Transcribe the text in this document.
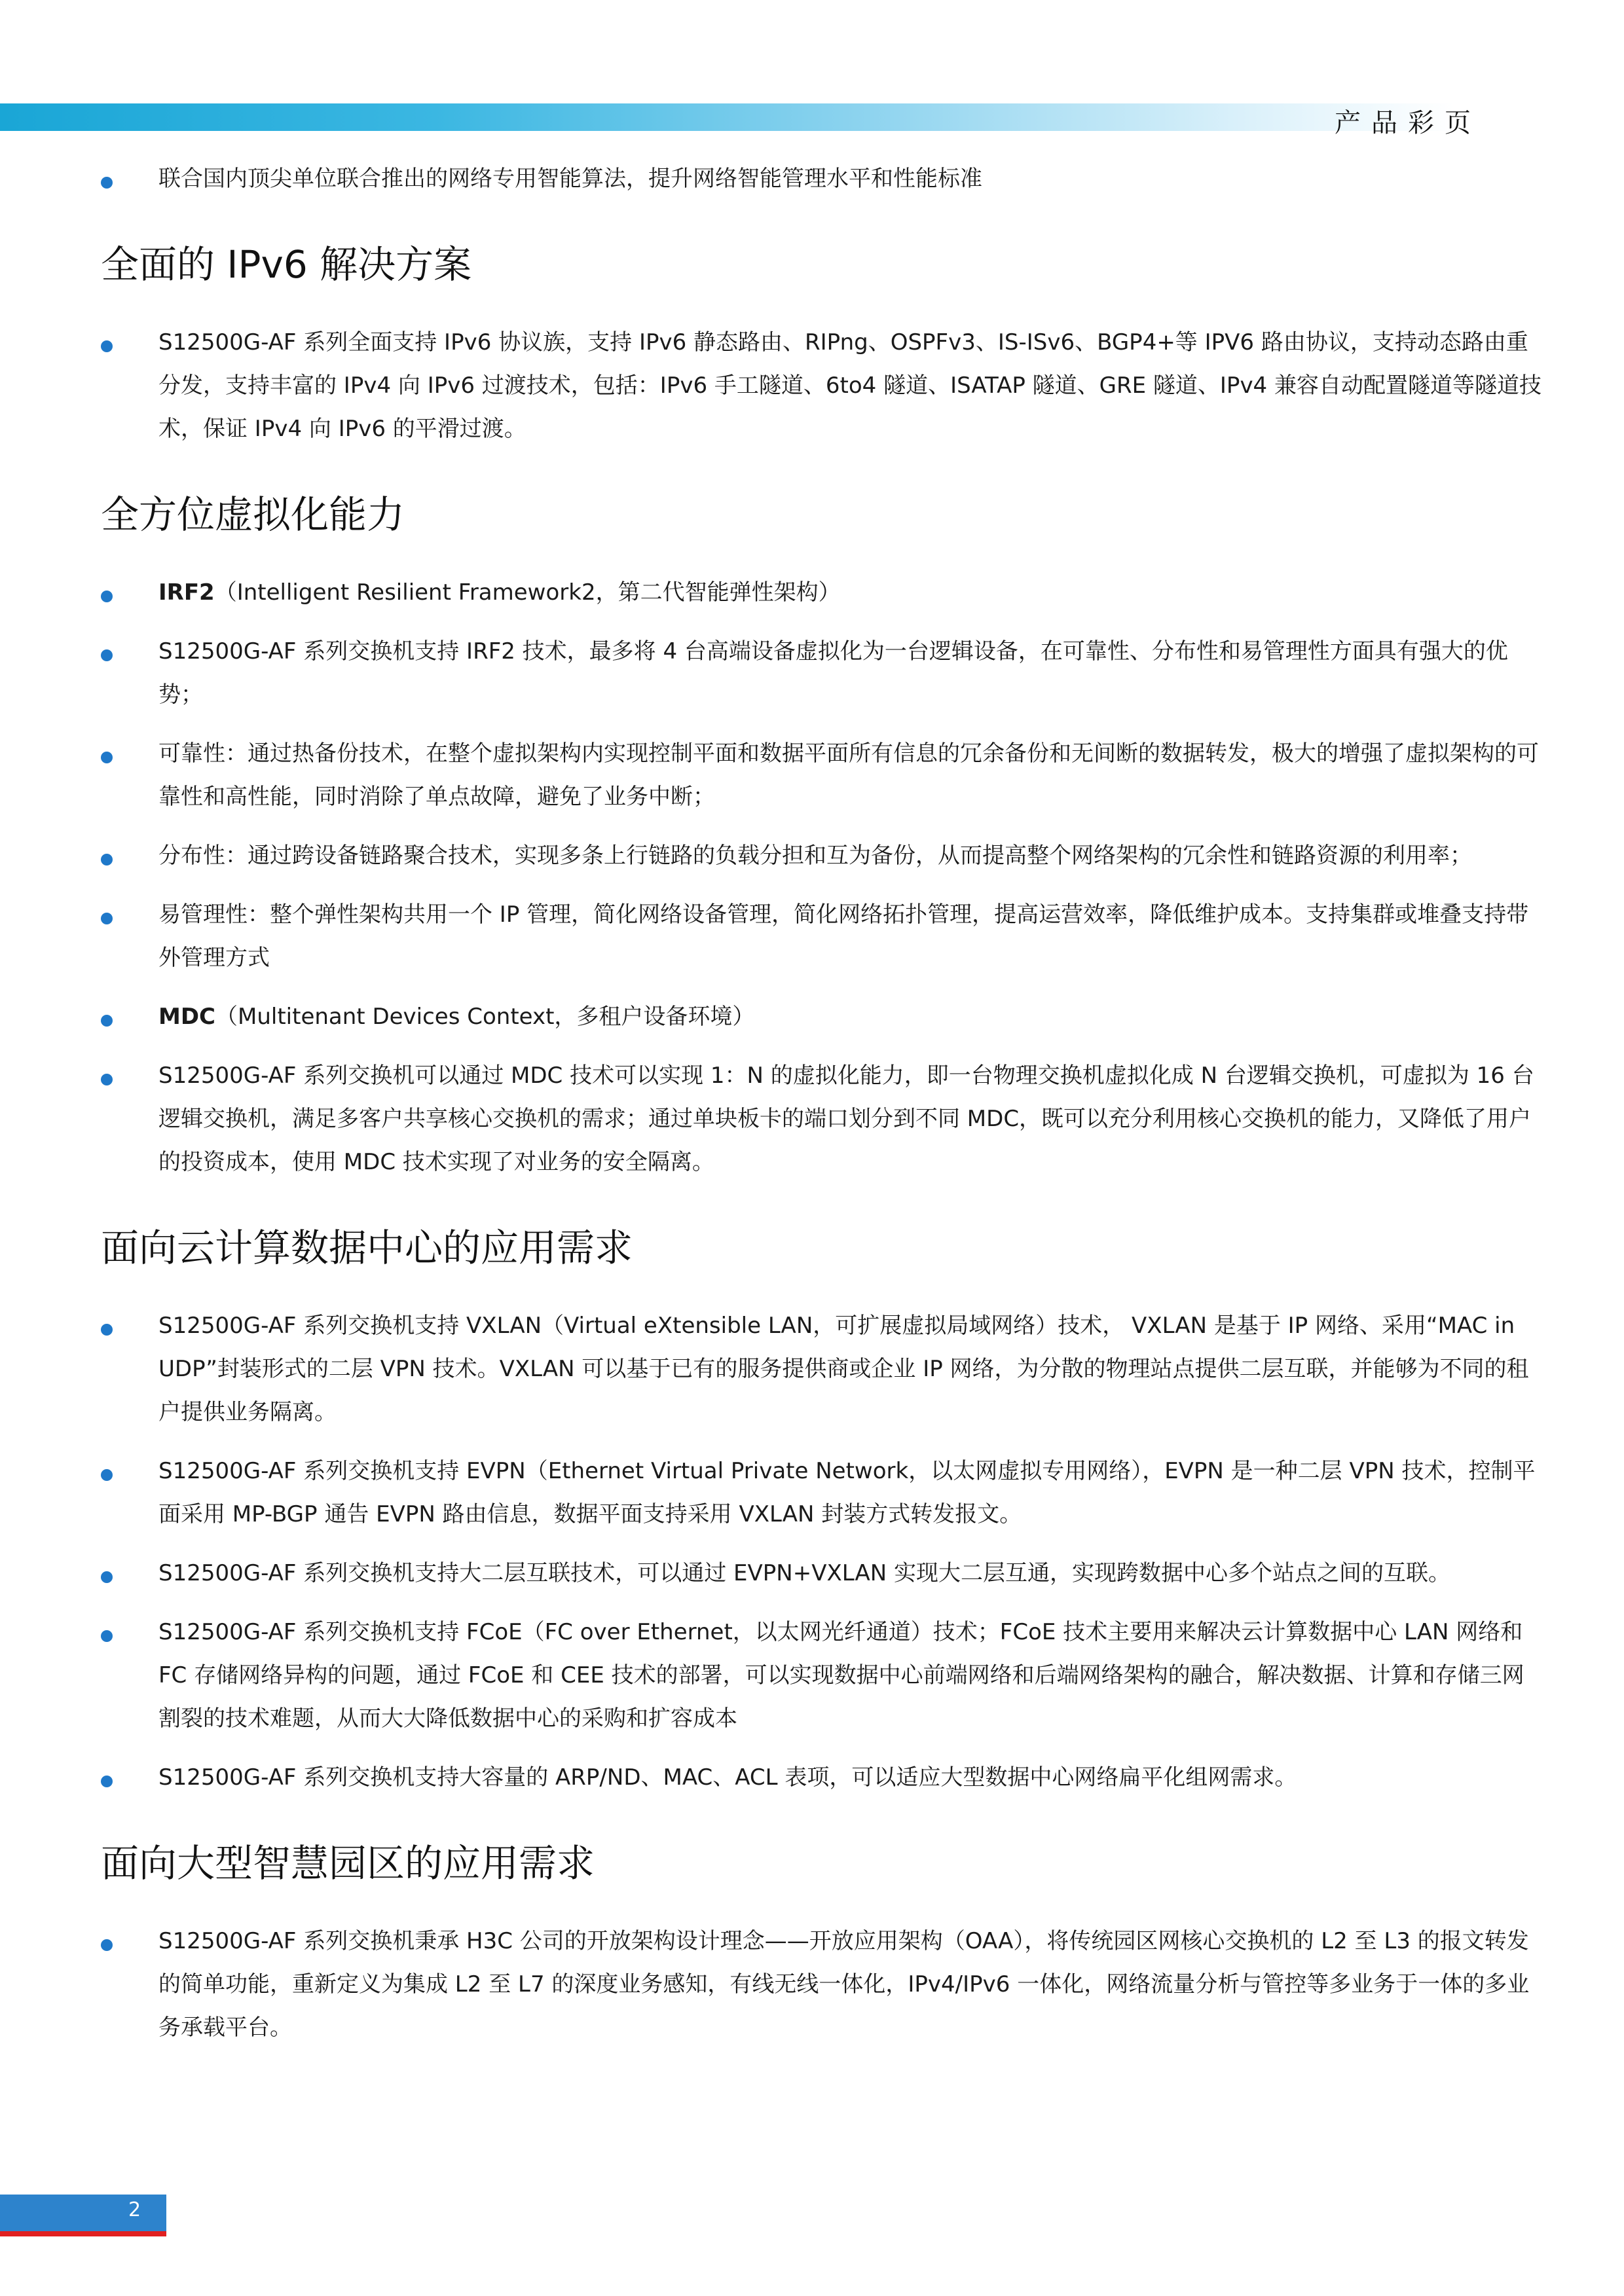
产品彩页
联合国内顶尖单位联合推出的网络专用智能算法，提升网络智能管理水平和性能标准
全面的 IPv6 解决方案
S12500G-AF 系列全面支持 IPv6 协议族，支持 IPv6 静态路由、RIPng、OSPFv3、IS-ISv6、BGP4+等 IPV6 路由协议，支持动态路由重分发，支持丰富的 IPv4 向 IPv6 过渡技术，包括：IPv6 手工隧道、6to4 隧道、ISATAP 隧道、GRE 隧道、IPv4 兼容自动配置隧道等隧道技术，保证 IPv4 向 IPv6 的平滑过渡。
全方位虚拟化能力
IRF2（Intelligent Resilient Framework2，第二代智能弹性架构）
S12500G-AF 系列交换机支持 IRF2 技术，最多将 4 台高端设备虚拟化为一台逻辑设备，在可靠性、分布性和易管理性方面具有强大的优势；
可靠性：通过热备份技术，在整个虚拟架构内实现控制平面和数据平面所有信息的冗余备份和无间断的数据转发，极大的增强了虚拟架构的可靠性和高性能，同时消除了单点故障，避免了业务中断；
分布性：通过跨设备链路聚合技术，实现多条上行链路的负载分担和互为备份，从而提高整个网络架构的冗余性和链路资源的利用率；
易管理性：整个弹性架构共用一个 IP 管理，简化网络设备管理，简化网络拓扑管理，提高运营效率，降低维护成本。支持集群或堆叠支持带外管理方式
MDC（Multitenant Devices Context，多租户设备环境）
S12500G-AF 系列交换机可以通过 MDC 技术可以实现 1：N 的虚拟化能力，即一台物理交换机虚拟化成 N 台逻辑交换机，可虚拟为 16 台逻辑交换机，满足多客户共享核心交换机的需求；通过单块板卡的端口划分到不同 MDC，既可以充分利用核心交换机的能力，又降低了用户的投资成本，使用 MDC 技术实现了对业务的安全隔离。
面向云计算数据中心的应用需求
S12500G-AF 系列交换机支持 VXLAN（Virtual eXtensible LAN，可扩展虚拟局域网络）技术， VXLAN 是基于 IP 网络、采用“MAC in UDP”封装形式的二层 VPN 技术。VXLAN 可以基于已有的服务提供商或企业 IP 网络，为分散的物理站点提供二层互联，并能够为不同的租户提供业务隔离。
S12500G-AF 系列交换机支持 EVPN（Ethernet Virtual Private Network，以太网虚拟专用网络），EVPN 是一种二层 VPN 技术，控制平面采用 MP-BGP 通告 EVPN 路由信息，数据平面支持采用 VXLAN 封装方式转发报文。
S12500G-AF 系列交换机支持大二层互联技术，可以通过 EVPN+VXLAN 实现大二层互通，实现跨数据中心多个站点之间的互联。
S12500G-AF 系列交换机支持 FCoE（FC over Ethernet，以太网光纤通道）技术；FCoE 技术主要用来解决云计算数据中心 LAN 网络和 FC 存储网络异构的问题，通过 FCoE 和 CEE 技术的部署，可以实现数据中心前端网络和后端网络架构的融合，解决数据、计算和存储三网割裂的技术难题，从而大大降低数据中心的采购和扩容成本
S12500G-AF 系列交换机支持大容量的 ARP/ND、MAC、ACL 表项，可以适应大型数据中心网络扁平化组网需求。
面向大型智慧园区的应用需求
S12500G-AF 系列交换机秉承 H3C 公司的开放架构设计理念——开放应用架构（OAA），将传统园区网核心交换机的 L2 至 L3 的报文转发的简单功能，重新定义为集成 L2 至 L7 的深度业务感知，有线无线一体化，IPv4/IPv6 一体化，网络流量分析与管控等多业务于一体的多业务承载平台。
2
